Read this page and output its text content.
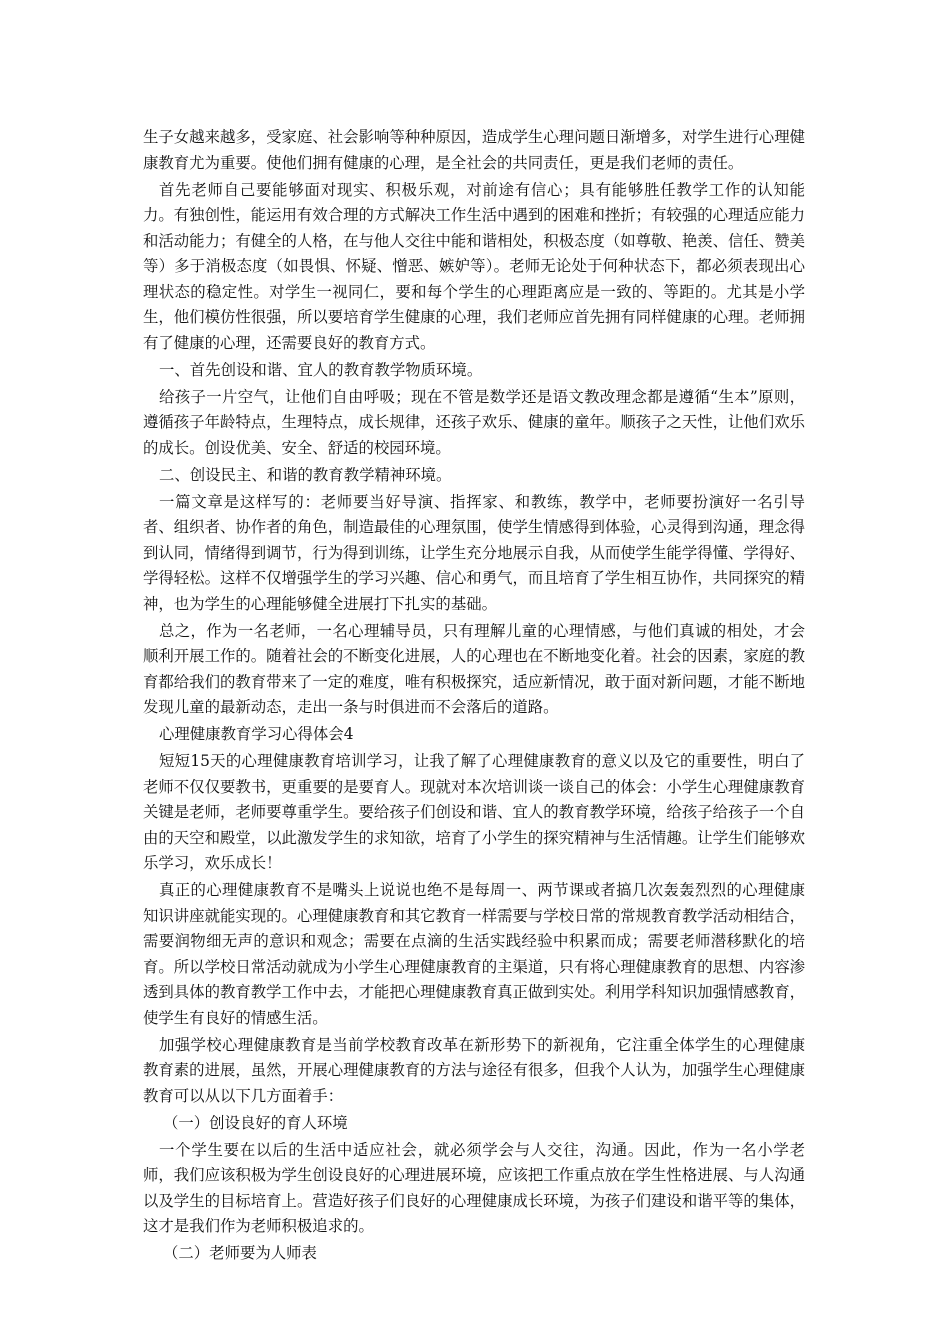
生子女越来越多，受家庭、社会影响等种种原因，造成学生心理问题日渐增多，对学生进行心理健康教育尤为重要。使他们拥有健康的心理，是全社会的共同责任，更是我们老师的责任。

首先老师自己要能够面对现实、积极乐观，对前途有信心；具有能够胜任教学工作的认知能力。有独创性，能运用有效合理的方式解决工作生活中遇到的困难和挫折；有较强的心理适应能力和活动能力；有健全的人格，在与他人交往中能和谐相处，积极态度（如尊敬、艳羡、信任、赞美等）多于消极态度（如畏惧、怀疑、憎恶、嫉妒等）。老师无论处于何种状态下，都必须表现出心理状态的稳定性。对学生一视同仁，要和每个学生的心理距离应是一致的、等距的。尤其是小学生，他们模仿性很强，所以要培育学生健康的心理，我们老师应首先拥有同样健康的心理。老师拥有了健康的心理，还需要良好的教育方式。

一、首先创设和谐、宜人的教育教学物质环境。

给孩子一片空气，让他们自由呼吸；现在不管是数学还是语文教改理念都是遵循“生本”原则，遵循孩子年龄特点，生理特点，成长规律，还孩子欢乐、健康的童年。顺孩子之天性，让他们欢乐的成长。创设优美、安全、舒适的校园环境。

二、创设民主、和谐的教育教学精神环境。

一篇文章是这样写的：老师要当好导演、指挥家、和教练，教学中，老师要扮演好一名引导者、组织者、协作者的角色，制造最佳的心理氛围，使学生情感得到体验，心灵得到沟通，理念得到认同，情绪得到调节，行为得到训练，让学生充分地展示自我，从而使学生能学得懂、学得好、学得轻松。这样不仅增强学生的学习兴趣、信心和勇气，而且培育了学生相互协作，共同探究的精神，也为学生的心理能够健全进展打下扎实的基础。

总之，作为一名老师，一名心理辅导员，只有理解儿童的心理情感，与他们真诚的相处，才会顺利开展工作的。随着社会的不断变化进展，人的心理也在不断地变化着。社会的因素，家庭的教育都给我们的教育带来了一定的难度，唯有积极探究，适应新情况，敢于面对新问题，才能不断地发现儿童的最新动态，走出一条与时俱进而不会落后的道路。

心理健康教育学习心得体会4

短短15天的心理健康教育培训学习，让我了解了心理健康教育的意义以及它的重要性，明白了老师不仅仅要教书，更重要的是要育人。现就对本次培训谈一谈自己的体会：小学生心理健康教育关键是老师，老师要尊重学生。要给孩子们创设和谐、宜人的教育教学环境，给孩子给孩子一个自由的天空和殿堂，以此激发学生的求知欲，培育了小学生的探究精神与生活情趣。让学生们能够欢乐学习，欢乐成长！

真正的心理健康教育不是嘴头上说说也绝不是每周一、两节课或者搞几次轰轰烈烈的心理健康知识讲座就能实现的。心理健康教育和其它教育一样需要与学校日常的常规教育教学活动相结合，需要润物细无声的意识和观念；需要在点滴的生活实践经验中积累而成；需要老师潜移默化的培育。所以学校日常活动就成为小学生心理健康教育的主渠道，只有将心理健康教育的思想、内容渗透到具体的教育教学工作中去，才能把心理健康教育真正做到实处。利用学科知识加强情感教育，使学生有良好的情感生活。

加强学校心理健康教育是当前学校教育改革在新形势下的新视角，它注重全体学生的心理健康教育素的进展，虽然，开展心理健康教育的方法与途径有很多，但我个人认为，加强学生心理健康教育可以从以下几方面着手：

（一）创设良好的育人环境

一个学生要在以后的生活中适应社会，就必须学会与人交往，沟通。因此，作为一名小学老师，我们应该积极为学生创设良好的心理进展环境，应该把工作重点放在学生性格进展、与人沟通以及学生的目标培育上。营造好孩子们良好的心理健康成长环境，为孩子们建设和谐平等的集体，这才是我们作为老师积极追求的。

（二）老师要为人师表
